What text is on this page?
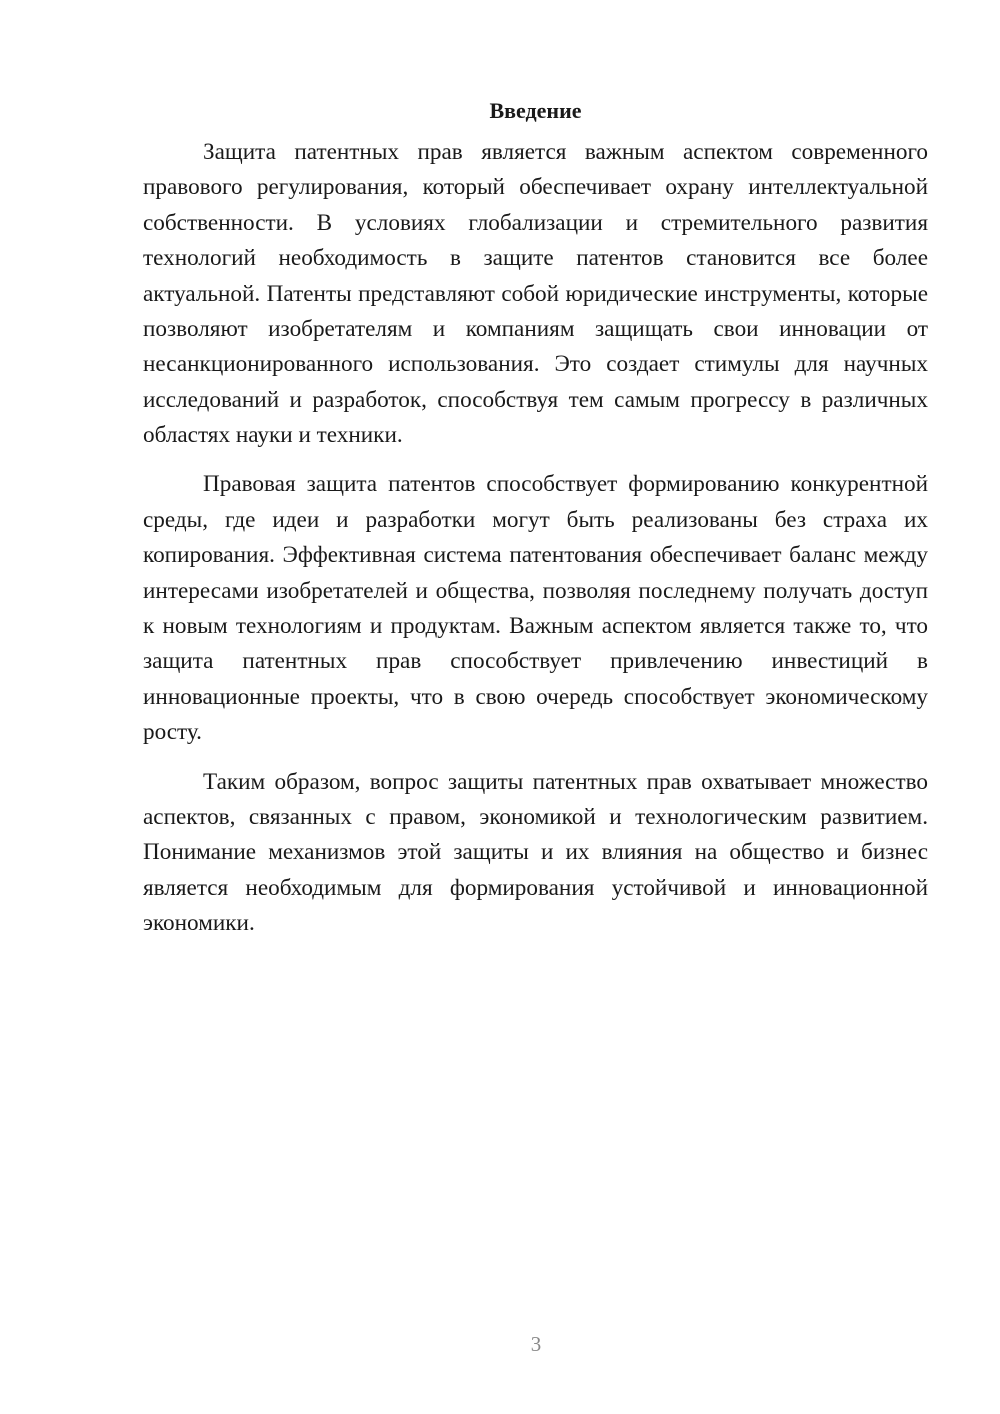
Введение

Защита патентных прав является важным аспектом современного правового регулирования, который обеспечивает охрану интеллектуальной собственности. В условиях глобализации и стремительного развития технологий необходимость в защите патентов становится все более актуальной. Патенты представляют собой юридические инструменты, которые позволяют изобретателям и компаниям защищать свои инновации от несанкционированного использования. Это создает стимулы для научных исследований и разработок, способствуя тем самым прогрессу в различных областях науки и техники.

Правовая защита патентов способствует формированию конкурентной среды, где идеи и разработки могут быть реализованы без страха их копирования. Эффективная система патентования обеспечивает баланс между интересами изобретателей и общества, позволяя последнему получать доступ к новым технологиям и продуктам. Важным аспектом является также то, что защита патентных прав способствует привлечению инвестиций в инновационные проекты, что в свою очередь способствует экономическому росту.

Таким образом, вопрос защиты патентных прав охватывает множество аспектов, связанных с правом, экономикой и технологическим развитием. Понимание механизмов этой защиты и их влияния на общество и бизнес является необходимым для формирования устойчивой и инновационной экономики.

3
